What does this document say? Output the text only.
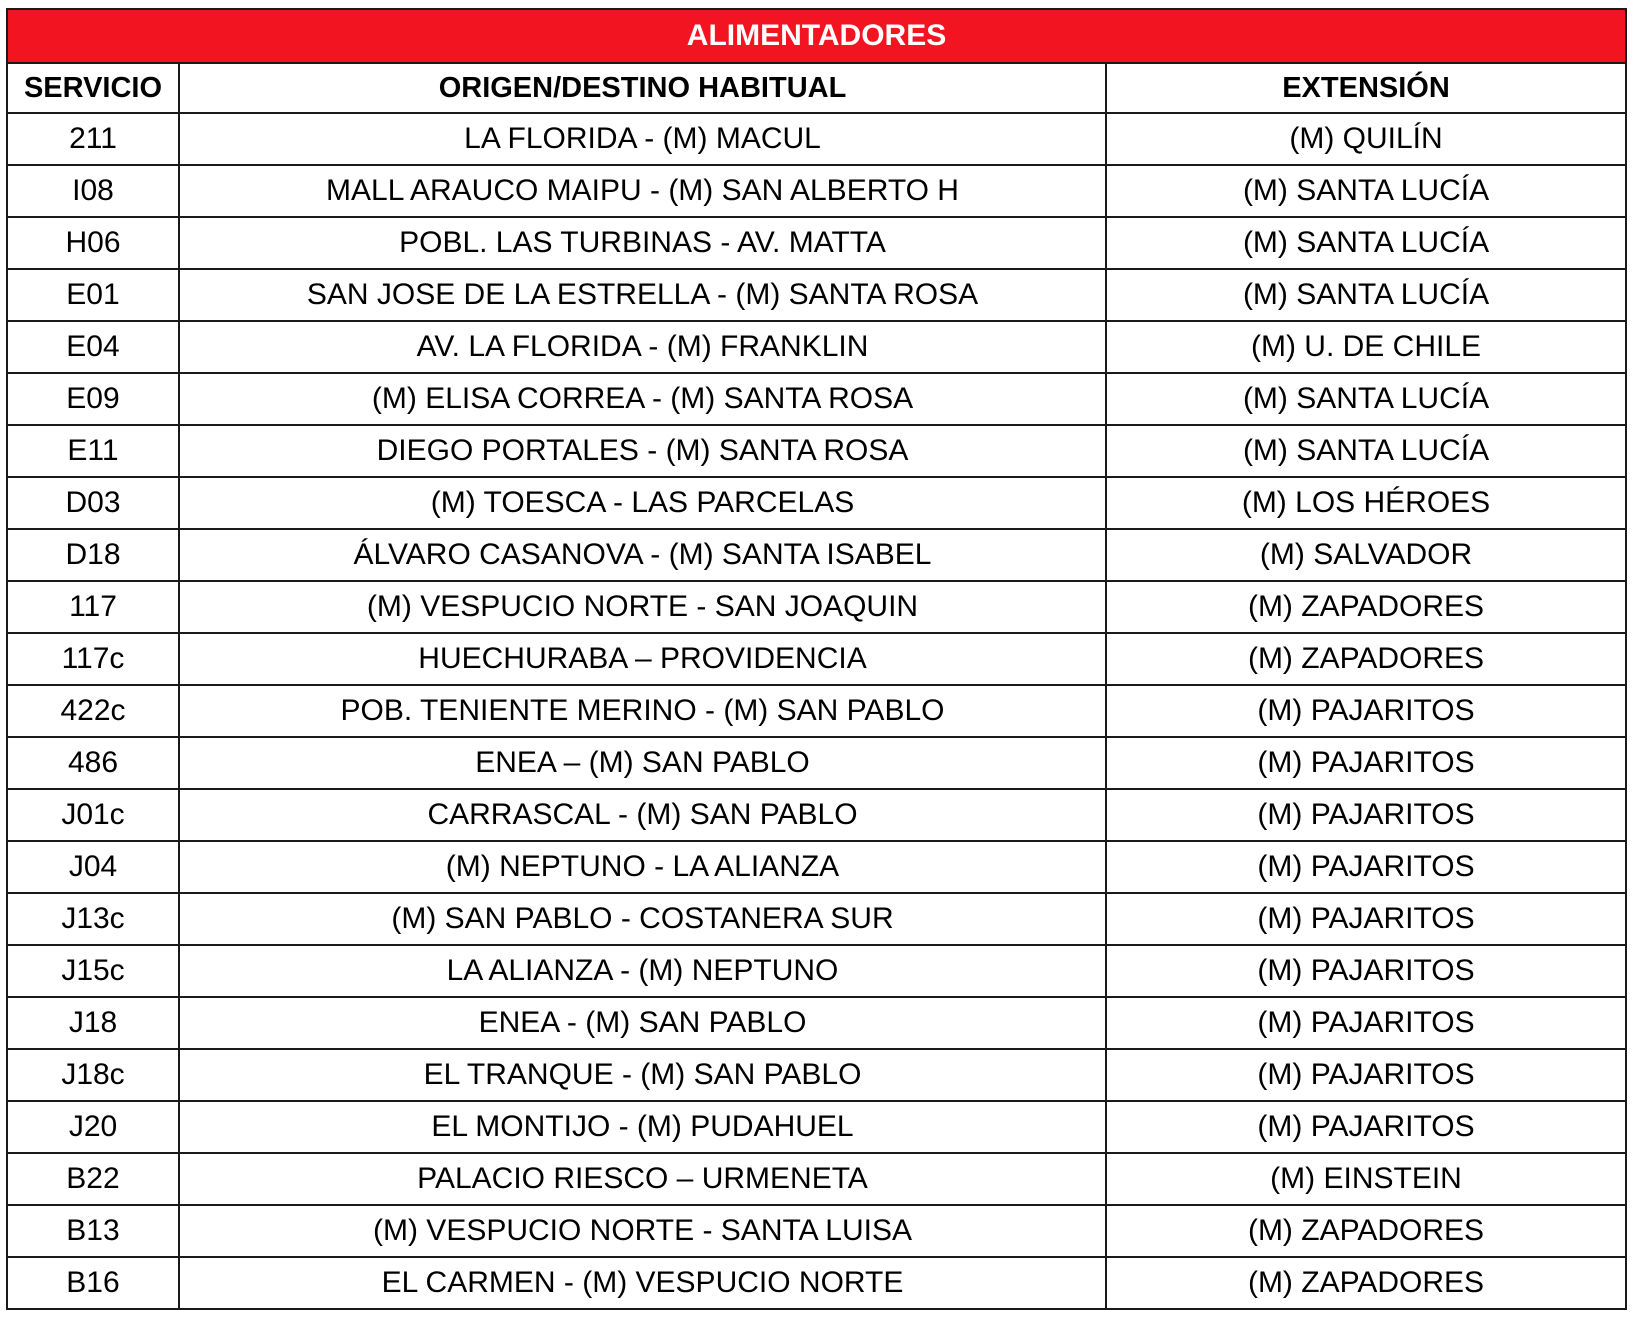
ALIMENTADORES		
SERVICIO	ORIGEN/DESTINO HABITUAL	EXTENSIÓN
211	LA FLORIDA - (M) MACUL	(M) QUILÍN
I08	MALL ARAUCO MAIPU - (M) SAN ALBERTO H	(M) SANTA LUCÍA
H06	POBL. LAS TURBINAS - AV. MATTA	(M) SANTA LUCÍA
E01	SAN JOSE DE LA ESTRELLA - (M) SANTA ROSA	(M) SANTA LUCÍA
E04	AV. LA FLORIDA - (M) FRANKLIN	(M) U. DE CHILE
E09	(M) ELISA CORREA - (M) SANTA ROSA	(M) SANTA LUCÍA
E11	DIEGO PORTALES - (M) SANTA ROSA	(M) SANTA LUCÍA
D03	(M) TOESCA - LAS PARCELAS	(M) LOS HÉROES
D18	ÁLVARO CASANOVA - (M) SANTA ISABEL	(M) SALVADOR
117	(M) VESPUCIO NORTE - SAN JOAQUIN	(M) ZAPADORES
117c	HUECHURABA – PROVIDENCIA	(M) ZAPADORES
422c	POB. TENIENTE MERINO - (M) SAN PABLO	(M) PAJARITOS
486	ENEA – (M) SAN PABLO	(M) PAJARITOS
J01c	CARRASCAL - (M) SAN PABLO	(M) PAJARITOS
J04	(M) NEPTUNO - LA ALIANZA	(M) PAJARITOS
J13c	(M) SAN PABLO - COSTANERA SUR	(M) PAJARITOS
J15c	LA ALIANZA - (M) NEPTUNO	(M) PAJARITOS
J18	ENEA - (M) SAN PABLO	(M) PAJARITOS
J18c	EL TRANQUE - (M) SAN PABLO	(M) PAJARITOS
J20	EL MONTIJO - (M) PUDAHUEL	(M) PAJARITOS
B22	PALACIO RIESCO – URMENETA	(M) EINSTEIN
B13	(M) VESPUCIO NORTE - SANTA LUISA	(M) ZAPADORES
B16	EL CARMEN - (M) VESPUCIO NORTE	(M) ZAPADORES
